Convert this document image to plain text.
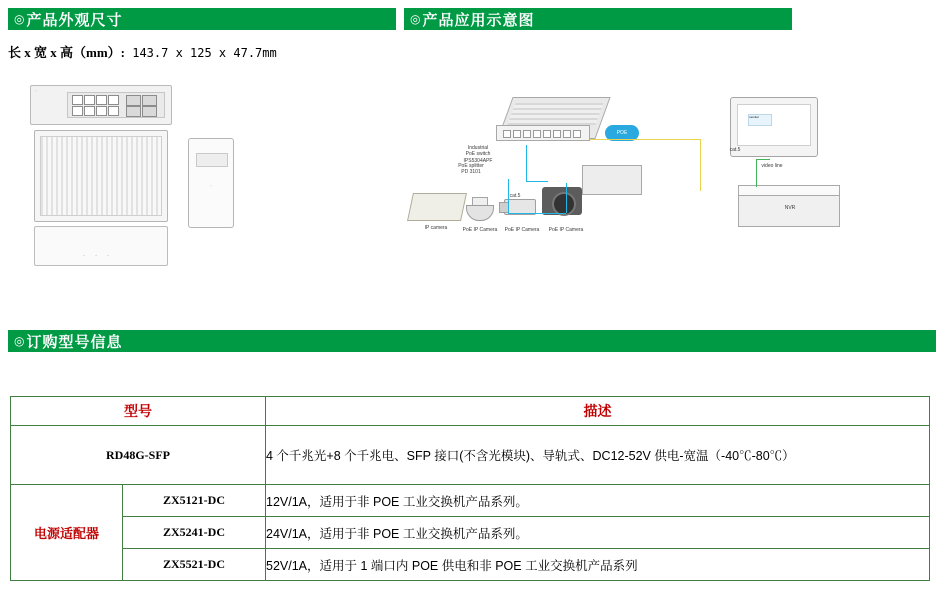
◎ 产品外观尺寸	◎ 产品应用示意图
长 x 宽 x 高（mm）: 143.7 x 125 x 47.7mm
▫
◦◦◦
▫
Industrial
PoE switch
IPS5304APF
POE
monitor
NVR
PoE splitter
PD 3101
IP camera	PoE IP Camera	PoE IP Camera	PoE IP Camera
cat.5
cat.5
video line
◎ 订购型号信息
型号		描述
RD48G-SFP		4 个千兆光+8 个千兆电、SFP 接口(不含光模块)、导轨式、DC12-52V 供电-宽温（-40℃-80℃）
电源适配器	ZX5121-DC	12V/1A，适用于非 POE 工业交换机产品系列。
	ZX5241-DC	24V/1A，适用于非 POE 工业交换机产品系列。
	ZX5521-DC	52V/1A，适用于 1 端口内 POE 供电和非 POE 工业交换机产品系列
